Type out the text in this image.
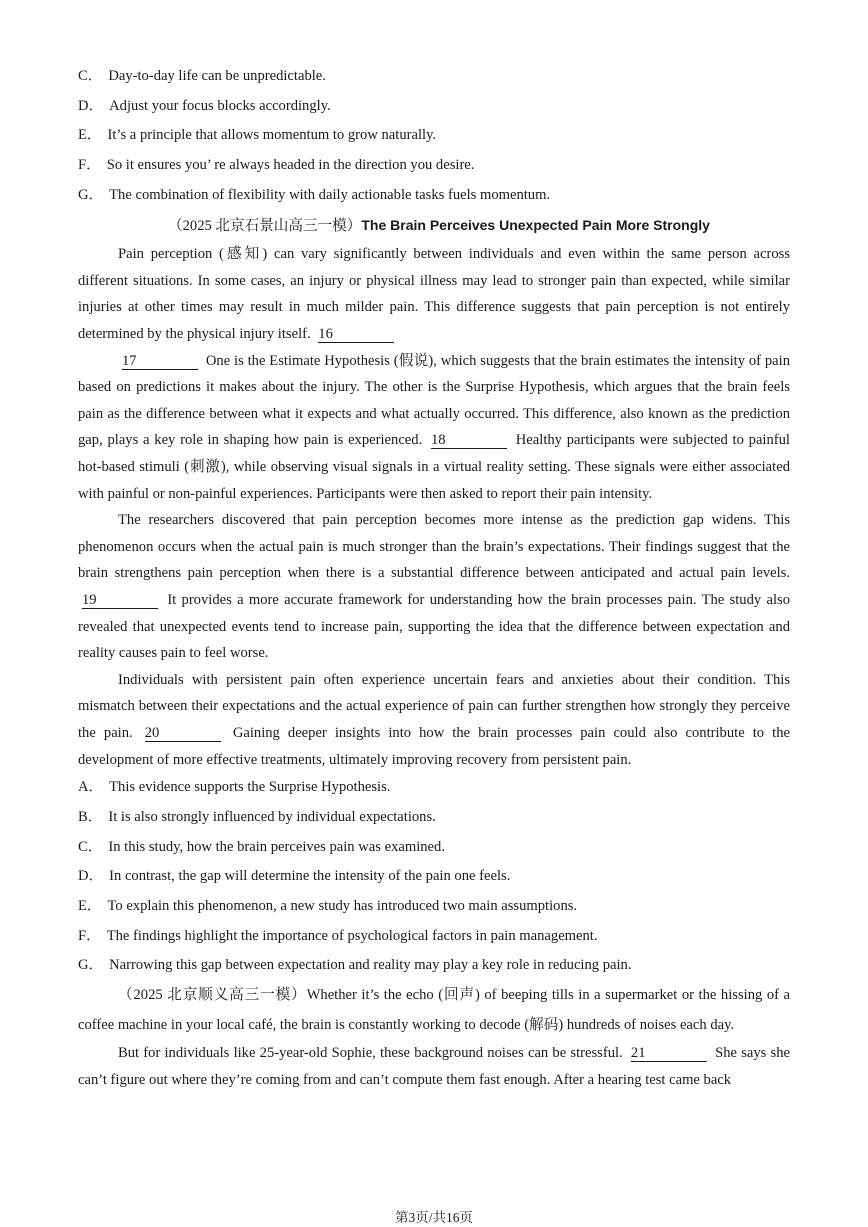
C． Day-to-day life can be unpredictable.
D． Adjust your focus blocks accordingly.
E． It’s a principle that allows momentum to grow naturally.
F． So it ensures you’ re always headed in the direction you desire.
G． The combination of flexibility with daily actionable tasks fuels momentum.
（2025 北京石景山高三一模）The Brain Perceives Unexpected Pain More Strongly

Pain perception (感知) can vary significantly between individuals and even within the same person across different situations. In some cases, an injury or physical illness may lead to stronger pain than expected, while similar injuries at other times may result in much milder pain. This difference suggests that pain perception is not entirely determined by the physical injury itself. 16

17	One is the Estimate Hypothesis (假说), which suggests that the brain estimates the intensity of pain based on predictions it makes about the injury. The other is the Surprise Hypothesis, which argues that the brain feels pain as the difference between what it expects and what actually occurred. This difference, also known as the prediction gap, plays a key role in shaping how pain is experienced. 18	Healthy participants were subjected to painful hot-based stimuli (刺激), while observing visual signals in a virtual reality setting. These signals were either associated with painful or non-painful experiences. Participants were then asked to report their pain intensity.

The researchers discovered that pain perception becomes more intense as the prediction gap widens. This phenomenon occurs when the actual pain is much stronger than the brain’s expectations. Their findings suggest that the brain strengthens pain perception when there is a substantial difference between anticipated and actual pain levels. 19	It provides a more accurate framework for understanding how the brain processes pain. The study also revealed that unexpected events tend to increase pain, supporting the idea that the difference between expectation and reality causes pain to feel worse.

Individuals with persistent pain often experience uncertain fears and anxieties about their condition. This mismatch between their expectations and the actual experience of pain can further strengthen how strongly they perceive the pain. 20	Gaining deeper insights into how the brain processes pain could also contribute to the development of more effective treatments, ultimately improving recovery from persistent pain.

A． This evidence supports the Surprise Hypothesis.
B． It is also strongly influenced by individual expectations.
C． In this study, how the brain perceives pain was examined.
D． In contrast, the gap will determine the intensity of the pain one feels.
E． To explain this phenomenon, a new study has introduced two main assumptions.
F． The findings highlight the importance of psychological factors in pain management.
G． Narrowing this gap between expectation and reality may play a key role in reducing pain.

（2025 北京顺义高三一模）Whether it’s the echo (回声) of beeping tills in a supermarket or the hissing of a coffee machine in your local café, the brain is constantly working to decode (解码) hundreds of noises each day.

But for individuals like 25-year-old Sophie, these background noises can be stressful. 21	She says she can’t figure out where they’re coming from and can’t compute them fast enough. After a hearing test came back

第3页/共16页
